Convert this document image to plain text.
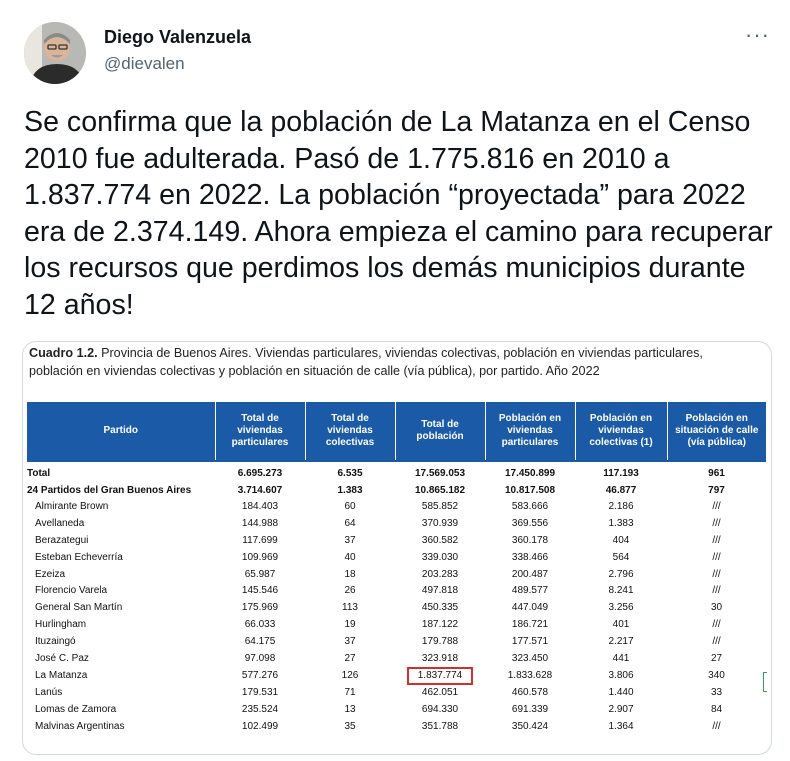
Diego Valenzuela
@dievalen
···
Se confirma que la población de La Matanza en el Censo 2010 fue adulterada. Pasó de 1.775.816 en 2010 a 1.837.774 en 2022. La población “proyectada” para 2022 era de 2.374.149. Ahora empieza el camino para recuperar los recursos que perdimos los demás municipios durante 12 años!
Cuadro 1.2. Provincia de Buenos Aires. Viviendas particulares, viviendas colectivas, población en viviendas particulares, población en viviendas colectivas y población en situación de calle (vía pública), por partido. Año 2022
Partido	Total de viviendas particulares	Total de viviendas colectivas	Total de población	Población en viviendas particulares	Población en viviendas colectivas (1)	Población en situación de calle (vía pública)
Total	6.695.273	6.535	17.569.053	17.450.899	117.193	961
24 Partidos del Gran Buenos Aires	3.714.607	1.383	10.865.182	10.817.508	46.877	797
Almirante Brown	184.403	60	585.852	583.666	2.186	///
Avellaneda	144.988	64	370.939	369.556	1.383	///
Berazategui	117.699	37	360.582	360.178	404	///
Esteban Echeverría	109.969	40	339.030	338.466	564	///
Ezeiza	65.987	18	203.283	200.487	2.796	///
Florencio Varela	145.546	26	497.818	489.577	8.241	///
General San Martín	175.969	113	450.335	447.049	3.256	30
Hurlingham	66.033	19	187.122	186.721	401	///
Ituzaingó	64.175	37	179.788	177.571	2.217	///
José C. Paz	97.098	27	323.918	323.450	441	27
La Matanza	577.276	126	1.837.774	1.833.628	3.806	340
Lanús	179.531	71	462.051	460.578	1.440	33
Lomas de Zamora	235.524	13	694.330	691.339	2.907	84
Malvinas Argentinas	102.499	35	351.788	350.424	1.364	///
